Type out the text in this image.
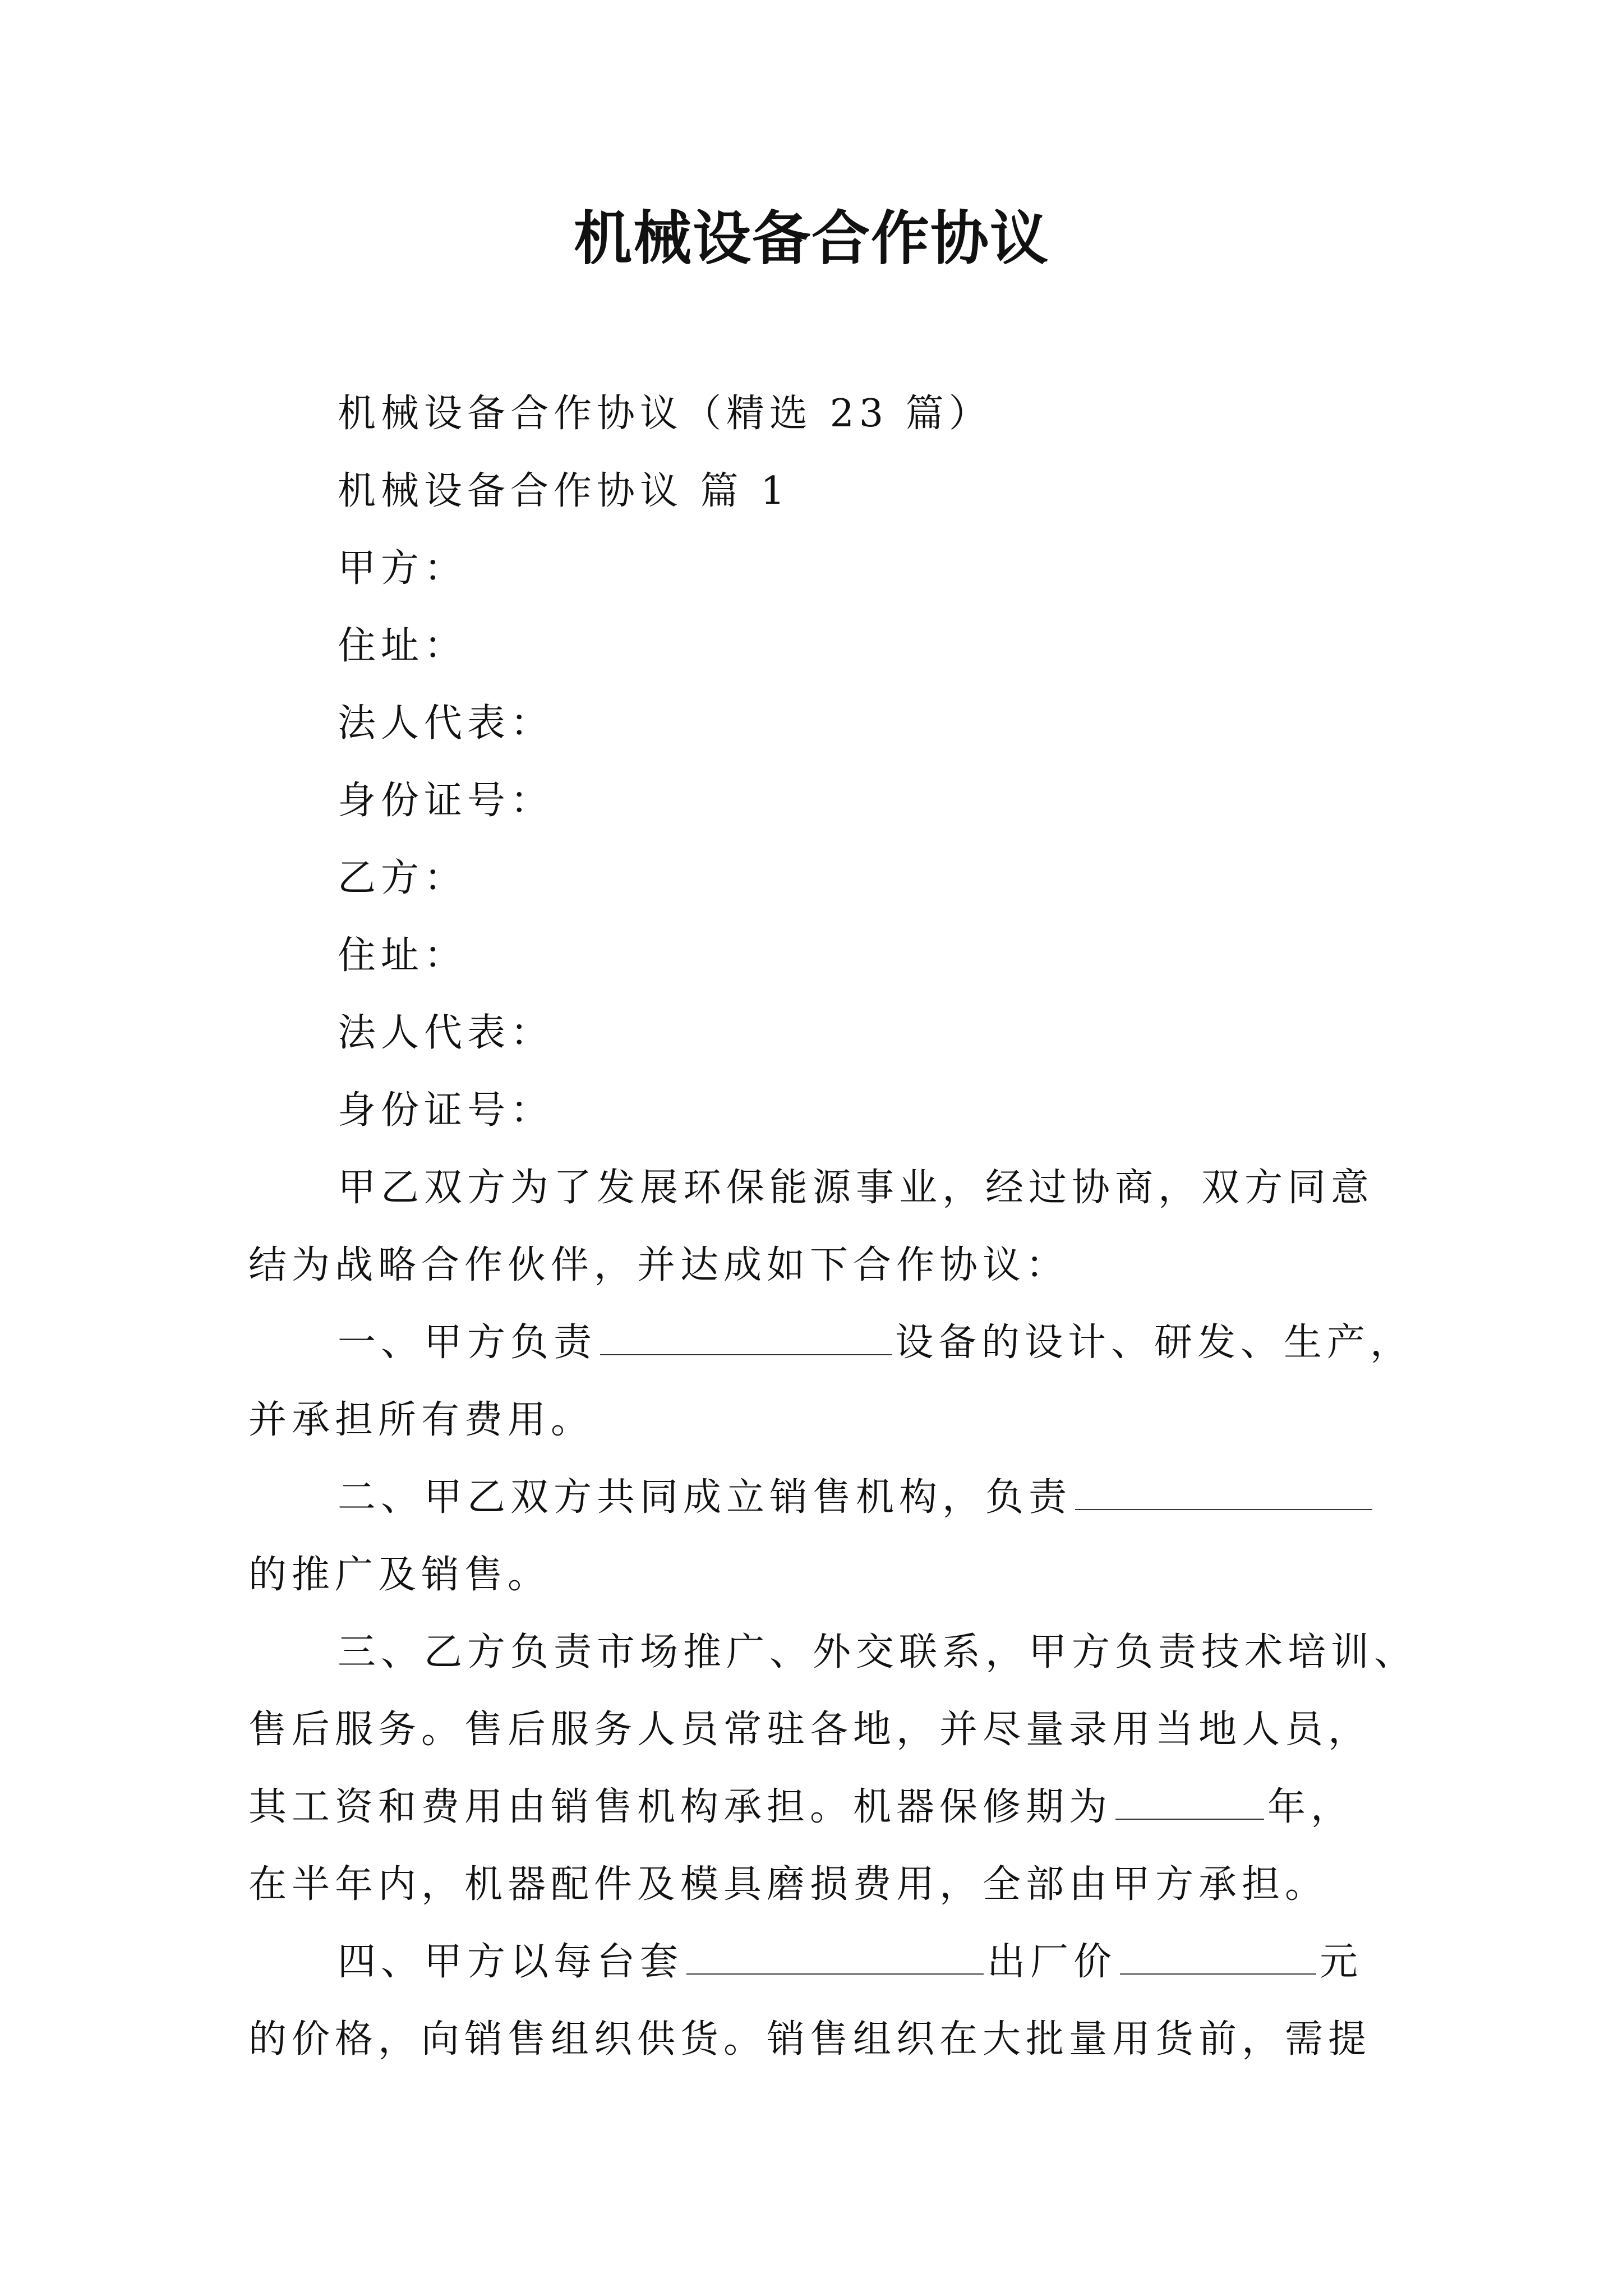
机械设备合作协议
机械设备合作协议（精选 23 篇）
机械设备合作协议 篇 1
甲方：
住址：
法人代表：
身份证号：
乙方：
住址：
法人代表：
身份证号：
甲乙双方为了发展环保能源事业，经过协商，双方同意
结为战略合作伙伴，并达成如下合作协议：
一、甲方负责	设备的设计、研发、生产，
并承担所有费用。
二、甲乙双方共同成立销售机构，负责
的推广及销售。
三、乙方负责市场推广、外交联系，甲方负责技术培训、
售后服务。售后服务人员常驻各地，并尽量录用当地人员，
其工资和费用由销售机构承担。机器保修期为	年，
在半年内，机器配件及模具磨损费用，全部由甲方承担。
四、甲方以每台套	出厂价	元
的价格，向销售组织供货。销售组织在大批量用货前，需提
